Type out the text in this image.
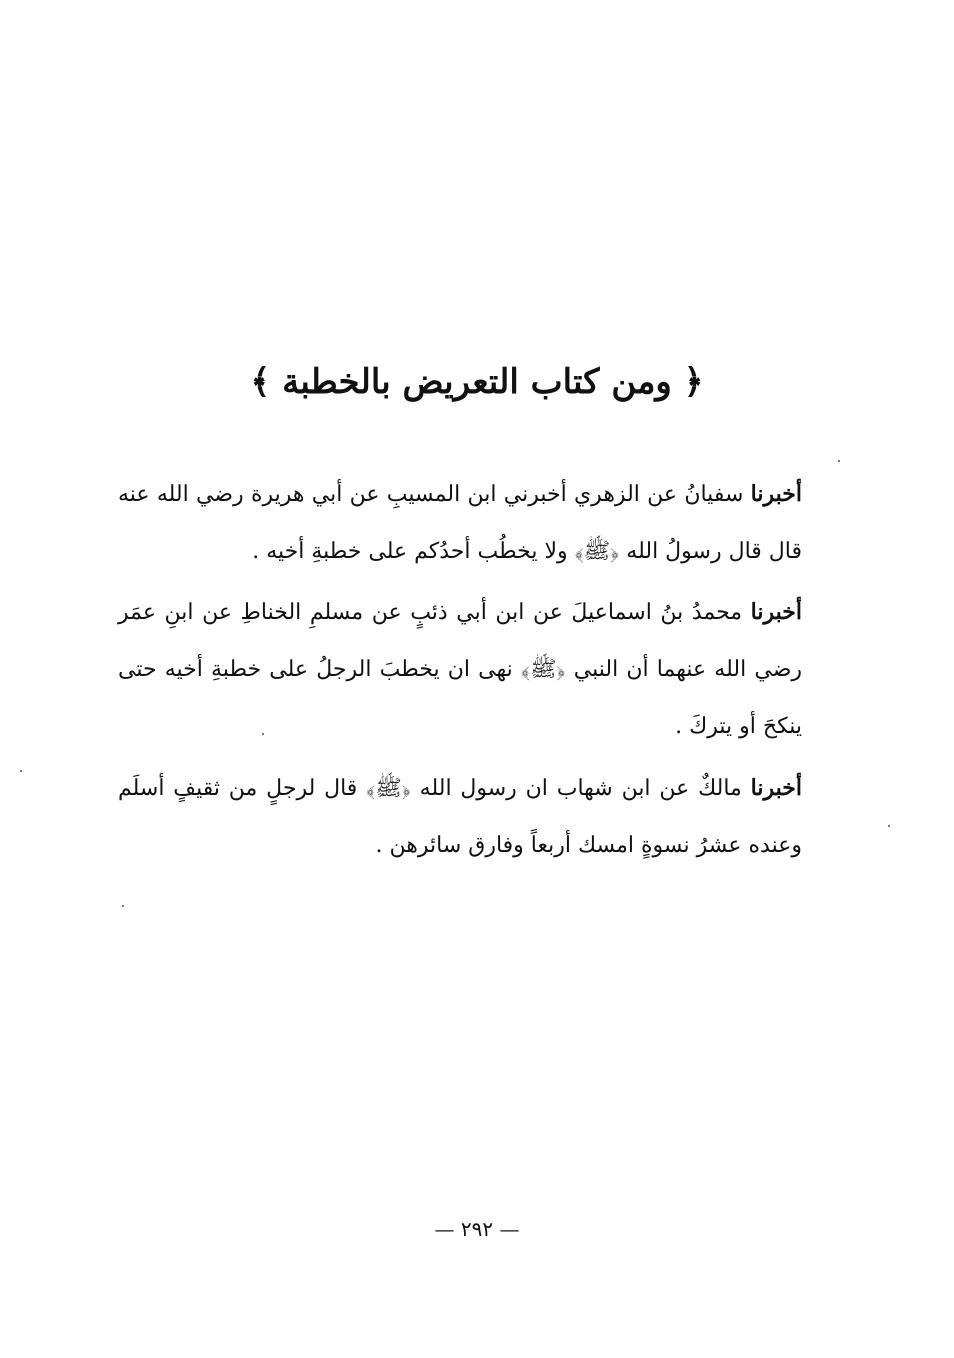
﴿ ومن كتاب التعريض بالخطبة ﴾
أخبرنا سفيانُ عن الزهري أخبرني ابن المسيبِ عن أبي هريرة رضي الله عنه قال قال رسولُ الله ﴿ﷺ﴾ ولا يخطُب أحدُكم على خطبةِ أخيه .
أخبرنا محمدُ بنُ اسماعيلَ عن ابن أبي ذئبٍ عن مسلمِ الخناطِ عن ابنِ عمَر رضي الله عنهما أن النبي ﴿ﷺ﴾ نهى ان يخطبَ الرجلُ على خطبةِ أخيه حتى ينكحَ أو يتركَ .
أخبرنا مالكٌ عن ابن شهاب ان رسول الله ﴿ﷺ﴾ قال لرجلٍ من ثقيفٍ أسلَم وعنده عشرُ نسوةٍ امسك أربعاً وفارق سائرهن .
— ٢٩٢ —
